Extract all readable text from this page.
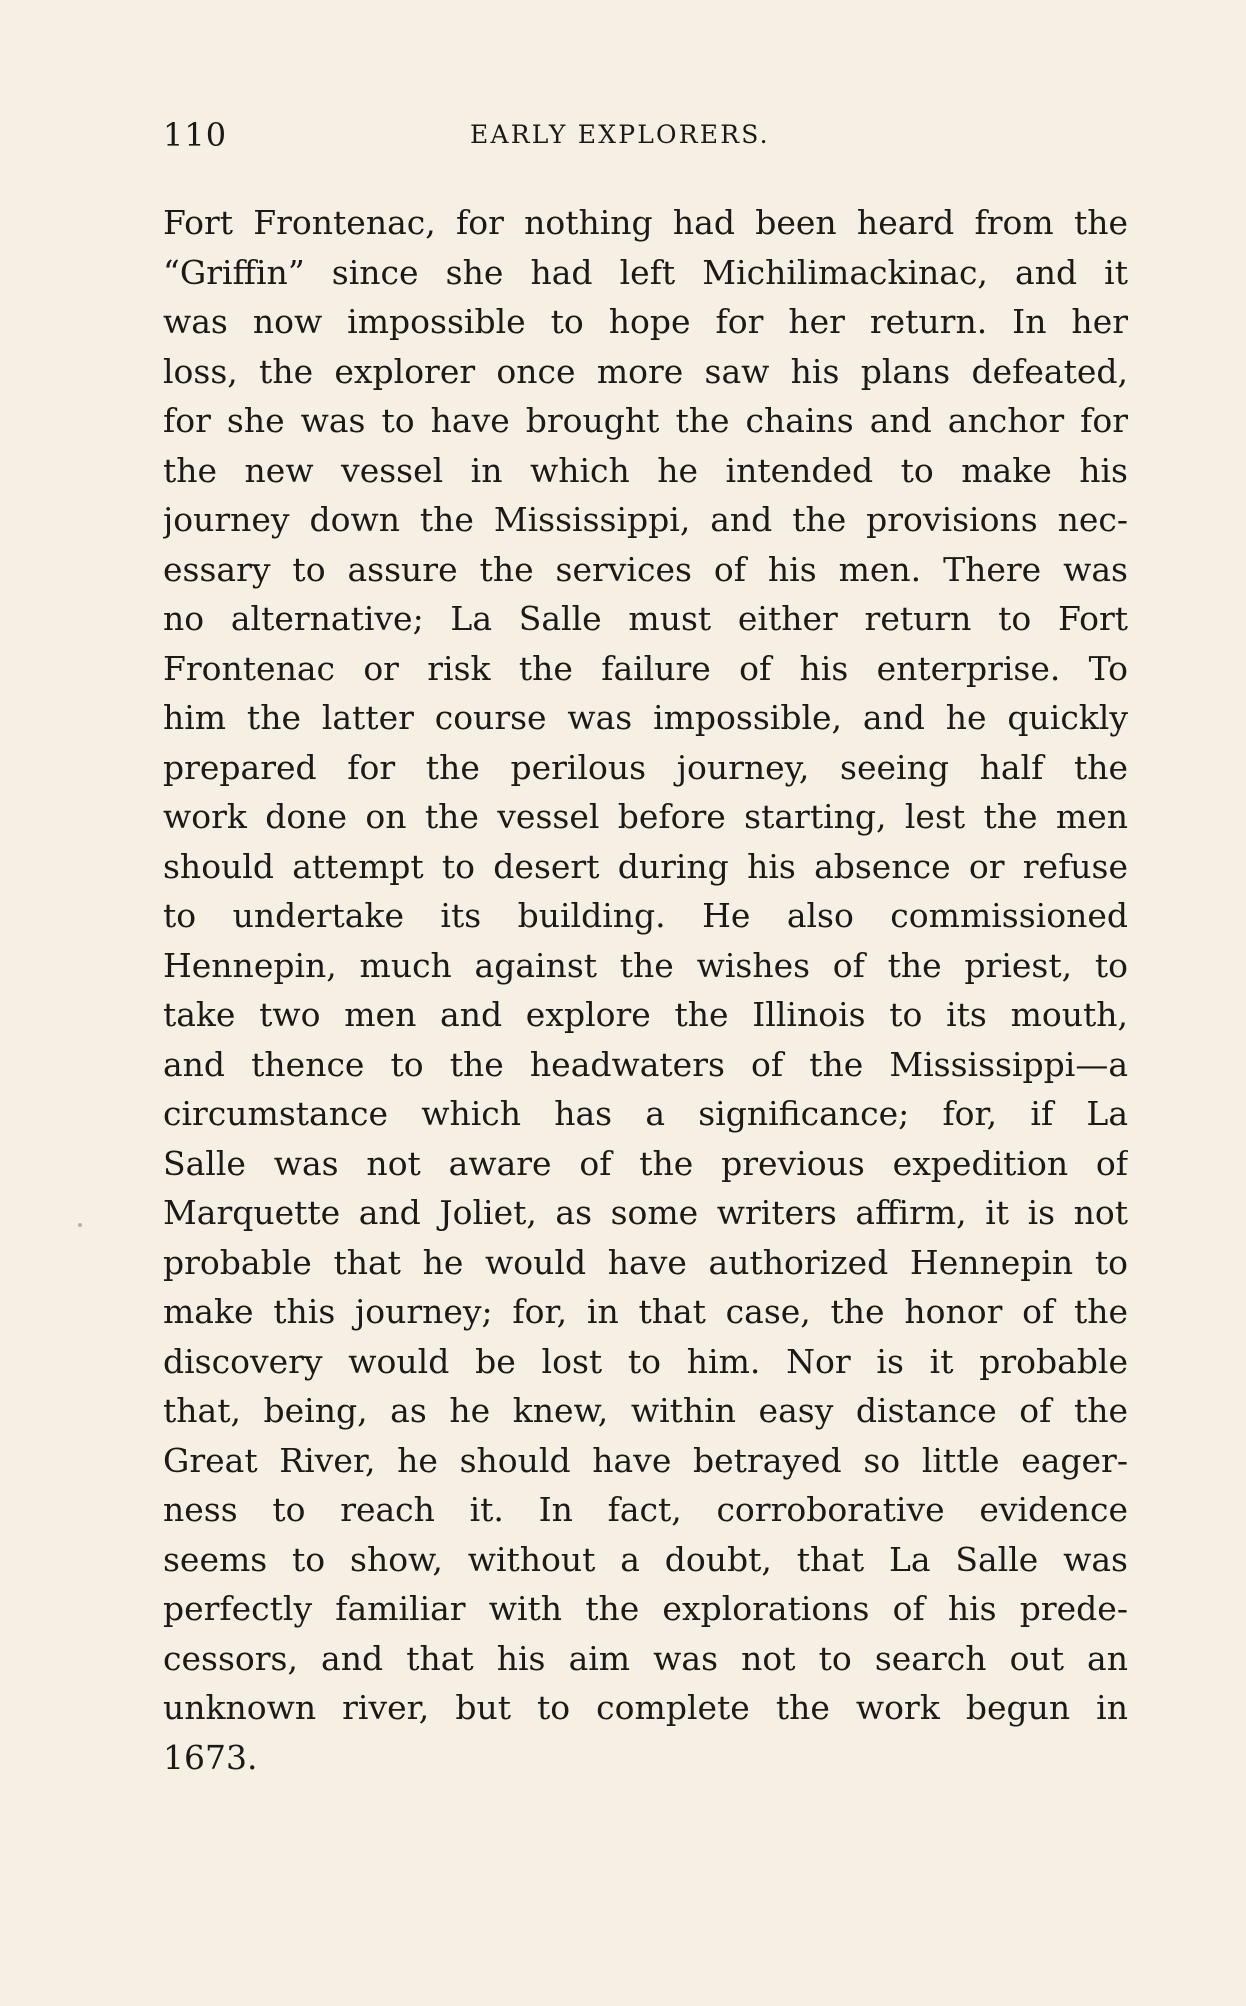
110	EARLY EXPLORERS.
Fort Frontenac, for nothing had been heard from the
“Griffin” since she had left Michilimackinac, and it
was now impossible to hope for her return. In her
loss, the explorer once more saw his plans defeated,
for she was to have brought the chains and anchor for
the new vessel in which he intended to make his
journey down the Mississippi, and the provisions nec-
essary to assure the services of his men. There was
no alternative; La Salle must either return to Fort
Frontenac or risk the failure of his enterprise. To
him the latter course was impossible, and he quickly
prepared for the perilous journey, seeing half the
work done on the vessel before starting, lest the men
should attempt to desert during his absence or refuse
to undertake its building. He also commissioned
Hennepin, much against the wishes of the priest, to
take two men and explore the Illinois to its mouth,
and thence to the headwaters of the Mississippi—a
circumstance which has a significance; for, if La
Salle was not aware of the previous expedition of
Marquette and Joliet, as some writers affirm, it is not
probable that he would have authorized Hennepin to
make this journey; for, in that case, the honor of the
discovery would be lost to him. Nor is it probable
that, being, as he knew, within easy distance of the
Great River, he should have betrayed so little eager-
ness to reach it. In fact, corroborative evidence
seems to show, without a doubt, that La Salle was
perfectly familiar with the explorations of his prede-
cessors, and that his aim was not to search out an
unknown river, but to complete the work begun in
1673.
